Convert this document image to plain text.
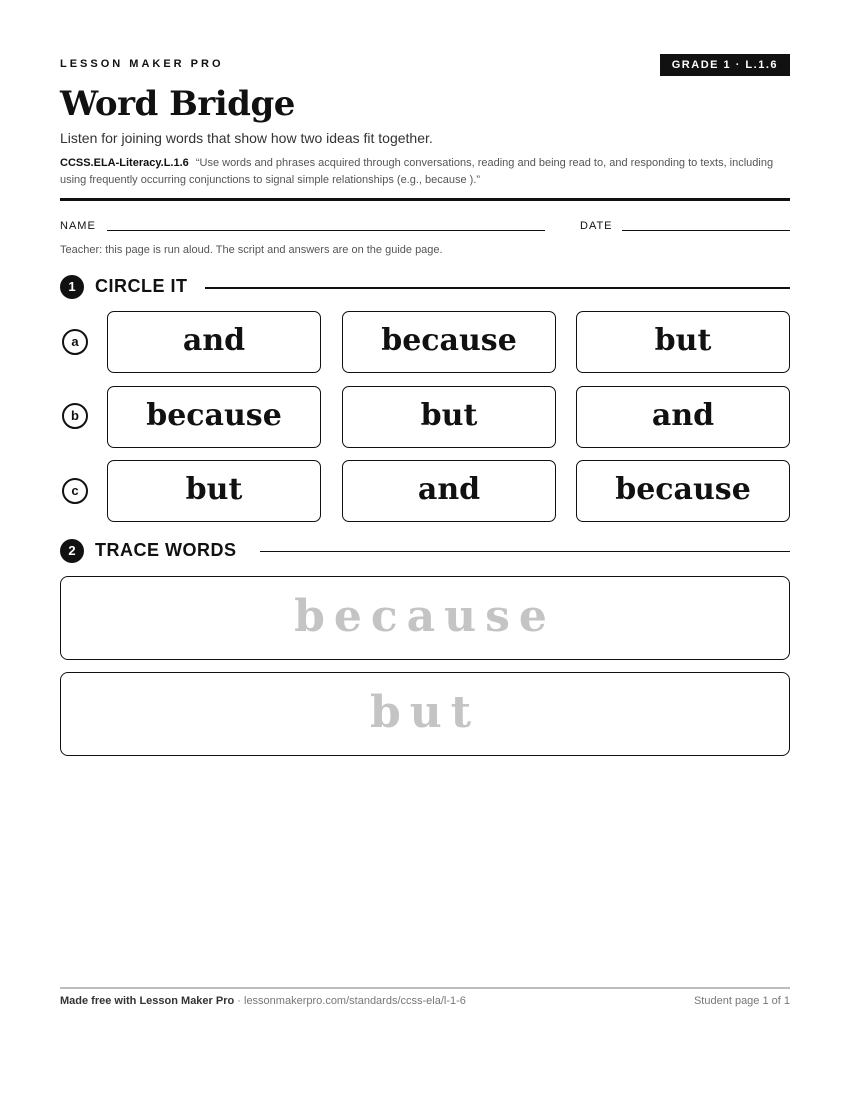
LESSON MAKER PRO	GRADE 1 · L.1.6
Word Bridge
Listen for joining words that show how two ideas fit together.
CCSS.ELA-Literacy.L.1.6 “Use words and phrases acquired through conversations, reading and being read to, and responding to texts, including using frequently occurring conjunctions to signal simple relationships (e.g., because ).”
NAME	DATE
Teacher: this page is run aloud. The script and answers are on the guide page.
1	CIRCLE IT
a	and	because	but
b	because	but	and
c	but	and	because
2	TRACE WORDS
because
but
Made free with Lesson Maker Pro · lessonmakerpro.com/standards/ccss-ela/l-1-6	Student page 1 of 1
